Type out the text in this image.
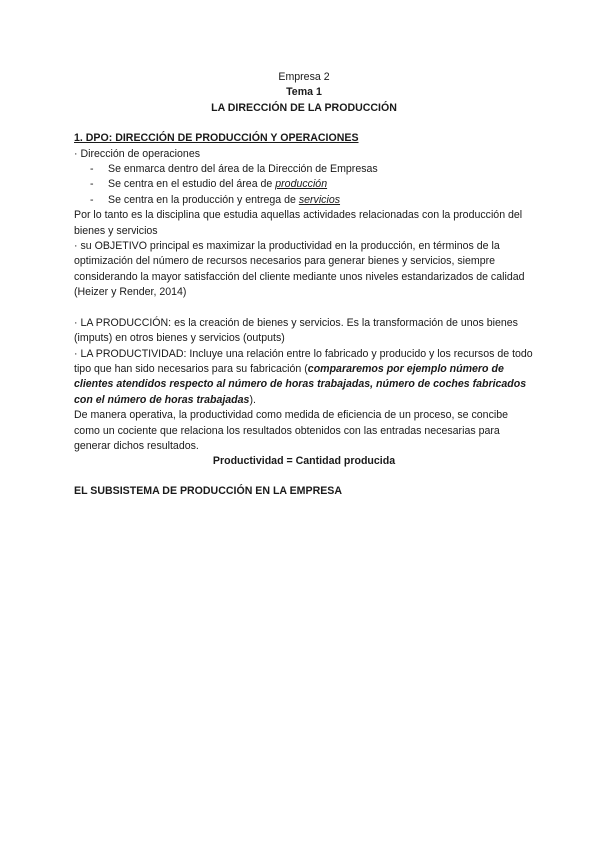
Empresa 2

Tema 1

LA DIRECCIÓN DE LA PRODUCCIÓN

1. DPO: DIRECCIÓN DE PRODUCCIÓN Y OPERACIONES

· Dirección de operaciones

- Se enmarca dentro del área de la Dirección de Empresas
- Se centra en el estudio del área de producción
- Se centra en la producción y entrega de servicios

Por lo tanto es la disciplina que estudia aquellas actividades relacionadas con la producción del bienes y servicios

· su OBJETIVO principal es maximizar la productividad en la producción, en términos de la optimización del número de recursos necesarios para generar bienes y servicios, siempre considerando la mayor satisfacción del cliente mediante unos niveles estandarizados de calidad (Heizer y Render, 2014)

· LA PRODUCCIÓN: es la creación de bienes y servicios. Es la transformación de unos bienes (imputs) en otros bienes y servicios (outputs)

· LA PRODUCTIVIDAD: Incluye una relación entre lo fabricado y producido y los recursos de todo tipo que han sido necesarios para su fabricación (compararemos por ejemplo número de clientes atendidos respecto al número de horas trabajadas, número de coches fabricados con el número de horas trabajadas).

De manera operativa, la productividad como medida de eficiencia de un proceso, se concibe como un cociente que relaciona los resultados obtenidos con las entradas necesarias para generar dichos resultados.

Productividad = Cantidad producida

EL SUBSISTEMA DE PRODUCCIÓN EN LA EMPRESA
